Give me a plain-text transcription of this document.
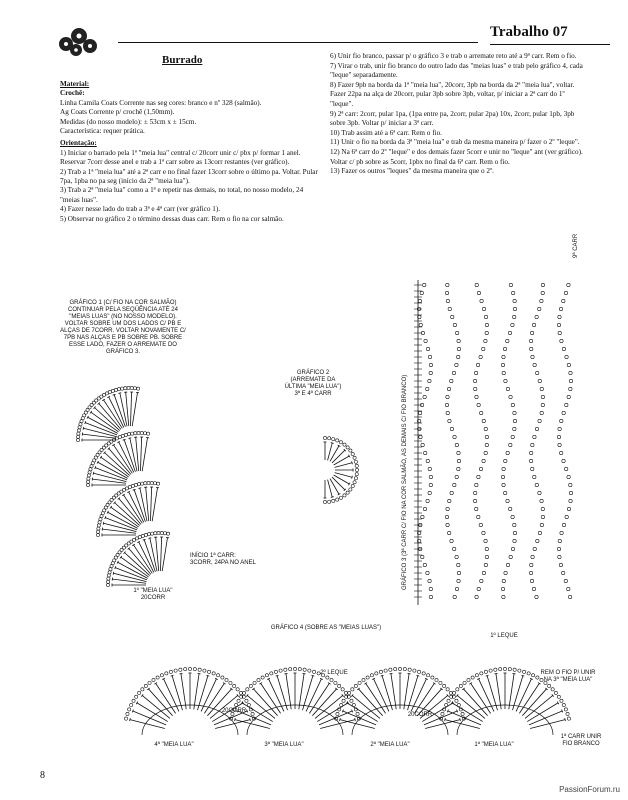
Trabalho 07
Burrado

Material:

Crochê:

Linha Camila Coats Corrente nas seg cores: branco e nº 328 (salmão).

Ag Coats Corrente p/ crochê (1,50mm).

Medidas (do nosso modelo): ± 53cm x ± 15cm.

Característica: requer prática.

Orientação:

1) Iniciar o barrado pela 1ª "meia lua" central c/ 20corr unir c/ pbx p/ formar 1 anel. Reservar 7corr desse anel e trab a 1ª carr sobre as 13corr restantes (ver gráfico).

2) Trab a 1ª "meia lua" até a 2ª carr e no final fazer 13corr sobre o último pa. Voltar. Pular 7pa, 1pba no pa seg (início da 2ª "meia lua").

3) Trab a 2ª "meia lua" como a 1ª e repetir nas demais, no total, no nosso modelo, 24 "meias luas".

4) Fazer nesse lado do trab a 3ª e 4ª carr (ver gráfico 1).

5) Observar no gráfico 2 o término dessas duas carr. Rem o fio na cor salmão.

6) Unir fio branco, passar p/ o gráfico 3 e trab o arremate reto até a 9ª carr. Rem o fio.

7) Virar o trab, unir fio branco do outro lado das "meias luas" e trab pelo gráfico 4, cada "leque" separadamente.

8) Fazer 9pb na borda da 1ª "meia lua", 20corr, 3pb na borda da 2ª "meia lua", voltar. Fazer 22pa na alça de 20corr, pular 3pb sobre 3pb, voltar, p/ iniciar a 2ª carr do 1º "leque".

9) 2ª carr: 2corr, pular 1pa, (1pa entre pa, 2corr, pular 2pa) 10x, 2corr, pular 1pb, 3pb sobre 3pb. Voltar p/ iniciar a 3ª carr.

10) Trab assim até a 6ª carr. Rem o fio.

11) Unir o fio na borda da 3ª "meia lua" e trab da mesma maneira p/ fazer o 2º "leque".

12) Na 6ª carr do 2º "leque" e dos demais fazer 5corr e unir no "leque" ant (ver gráfico). Voltar c/ pb sobre as 5corr, 1pbx no final da 6ª carr. Rem o fio.

13) Fazer os outros "leques" da mesma maneira que o 2º.

GRÁFICO 1 (C/ FIO NA COR SALMÃO) CONTINUAR PELA SEQÜÊNCIA ATÉ 24 "MEIAS LUAS" (NO NOSSO MODELO). VOLTAR SOBRE UM DOS LADOS C/ PB E ALÇAS DE 7CORR. VOLTAR NOVAMENTE C/ 7PB NAS ALÇAS E PB SOBRE PB. SOBRE ESSE LADO, FAZER O ARREMATE DO GRÁFICO 3.
GRÁFICO 2 (ARREMATE DA ÚLTIMA "MEIA LUA") 3ª E 4ª CARR	GRÁFICO 3 (3ª CARR C/ FIO NA COR SALMÃO, AS DEMAIS C/ FIO BRANCO)
INÍCIO 1ª CARR: 3CORR, 24PA NO ANEL
1º "MEIA LUA" 20CORR
9ª CARR
GRÁFICO 4 (SOBRE AS "MEIAS LUAS")
1º LEQUE
2º LEQUE
20CORR
20CORR
REM O FIO P/ UNIR NA 3ª "MEIA LUA"
1ª CARR UNIR FIO BRANCO
4ª "MEIA LUA"	3ª "MEIA LUA"	2ª "MEIA LUA"	1ª "MEIA LUA"
8
PassionForum.ru
